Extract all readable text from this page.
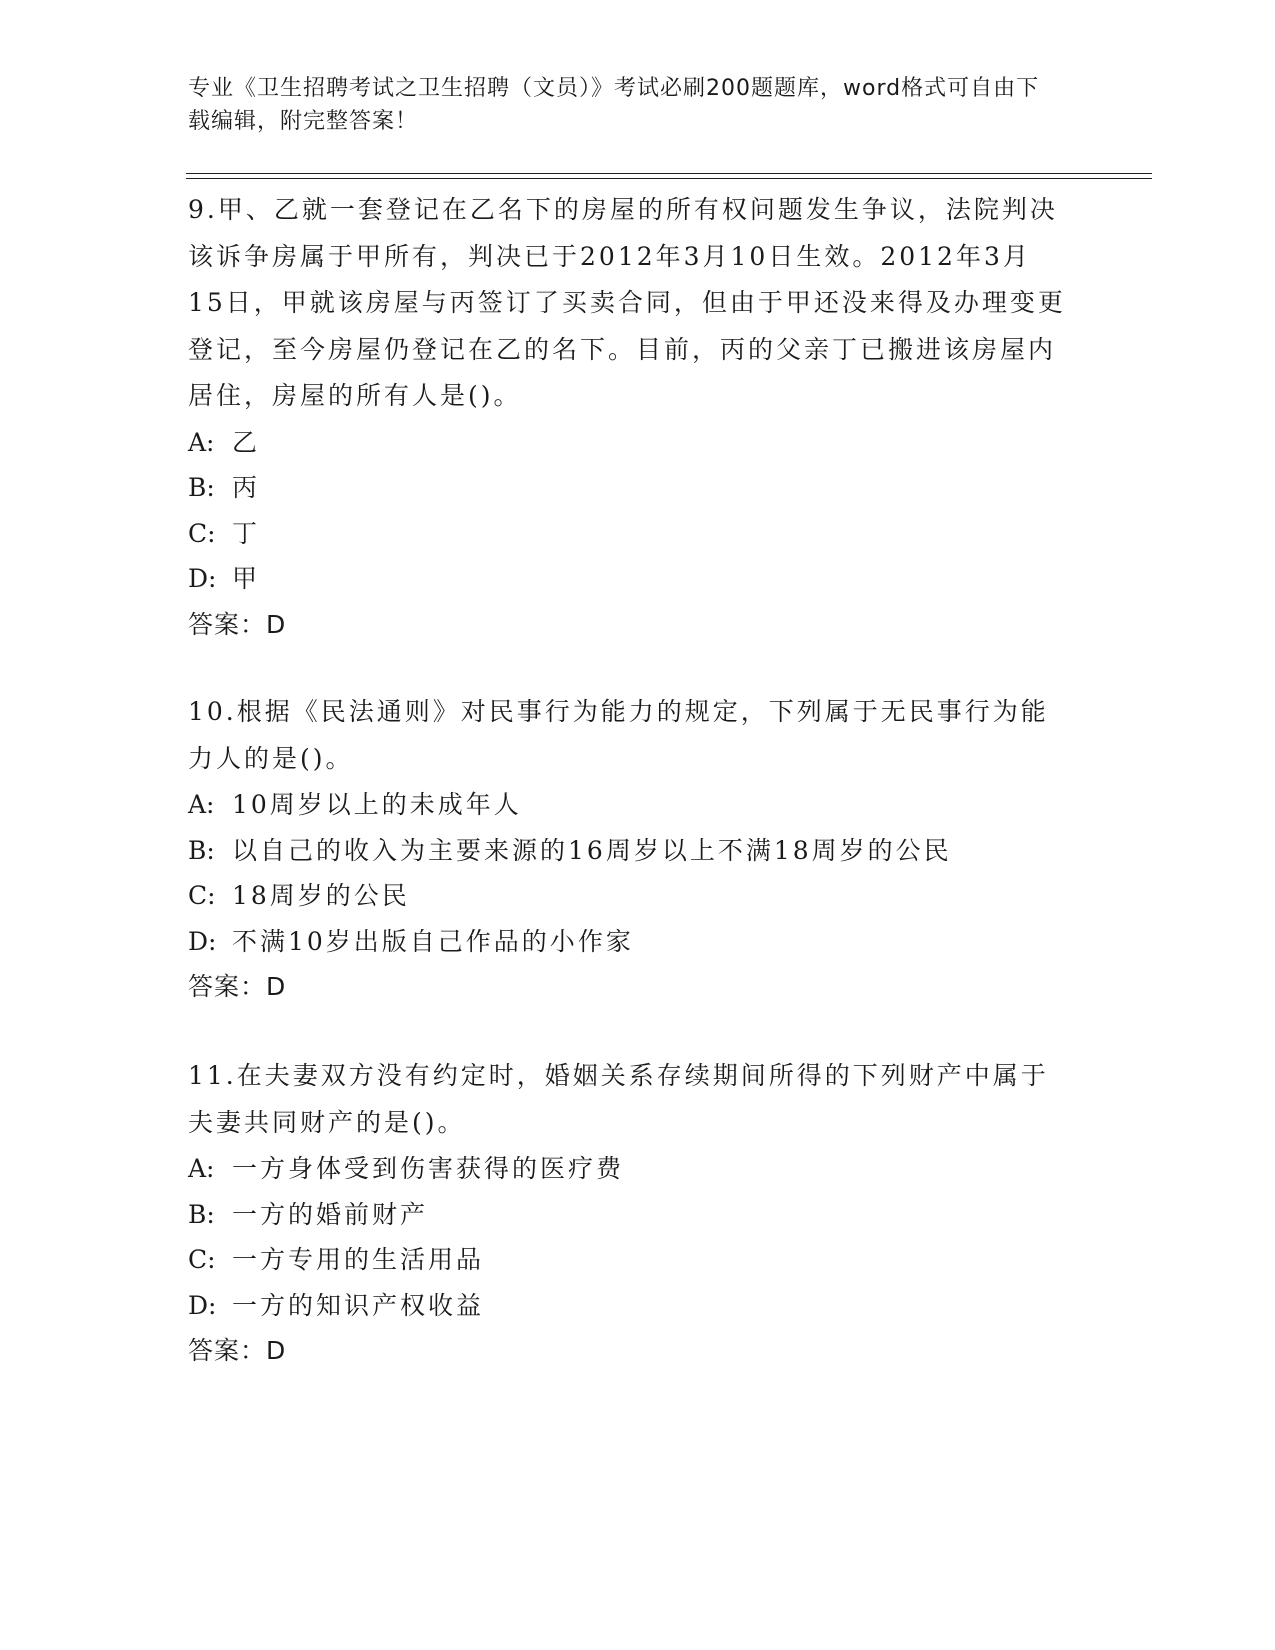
专业《卫生招聘考试之卫生招聘（文员）》考试必刷200题题库，word格式可自由下载编辑，附完整答案！

9.甲、乙就一套登记在乙名下的房屋的所有权问题发生争议，法院判决该诉争房属于甲所有，判决已于2012年3月10日生效。2012年3月15日，甲就该房屋与丙签订了买卖合同，但由于甲还没来得及办理变更登记，至今房屋仍登记在乙的名下。目前，丙的父亲丁已搬进该房屋内居住，房屋的所有人是()。

A: 乙

B: 丙

C: 丁

D: 甲

答案：D

10.根据《民法通则》对民事行为能力的规定，下列属于无民事行为能力人的是()。

A: 10周岁以上的未成年人

B: 以自己的收入为主要来源的16周岁以上不满18周岁的公民

C: 18周岁的公民

D: 不满10岁出版自己作品的小作家

答案：D

11.在夫妻双方没有约定时，婚姻关系存续期间所得的下列财产中属于夫妻共同财产的是()。

A: 一方身体受到伤害获得的医疗费

B: 一方的婚前财产

C: 一方专用的生活用品

D: 一方的知识产权收益

答案：D
